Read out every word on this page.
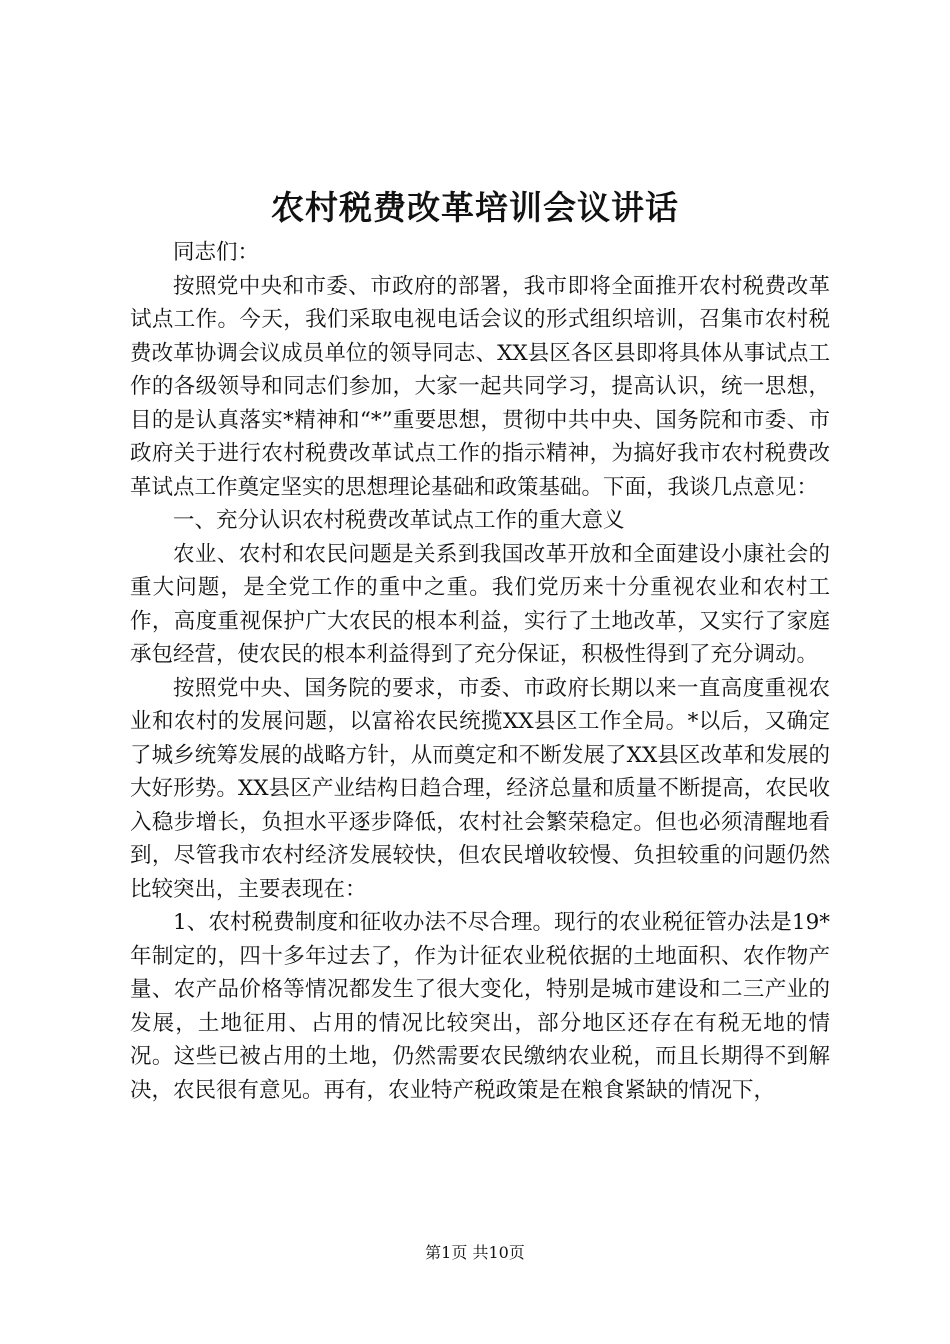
农村税费改革培训会议讲话

同志们：

按照党中央和市委、市政府的部署，我市即将全面推开农村税费改革试点工作。今天，我们采取电视电话会议的形式组织培训，召集市农村税费改革协调会议成员单位的领导同志、XX县区各区县即将具体从事试点工作的各级领导和同志们参加，大家一起共同学习，提高认识，统一思想，目的是认真落实*精神和“*”重要思想，贯彻中共中央、国务院和市委、市政府关于进行农村税费改革试点工作的指示精神，为搞好我市农村税费改革试点工作奠定坚实的思想理论基础和政策基础。下面，我谈几点意见：

一、充分认识农村税费改革试点工作的重大意义

农业、农村和农民问题是关系到我国改革开放和全面建设小康社会的重大问题，是全党工作的重中之重。我们党历来十分重视农业和农村工作，高度重视保护广大农民的根本利益，实行了土地改革，又实行了家庭承包经营，使农民的根本利益得到了充分保证，积极性得到了充分调动。

按照党中央、国务院的要求，市委、市政府长期以来一直高度重视农业和农村的发展问题，以富裕农民统揽XX县区工作全局。*以后，又确定了城乡统筹发展的战略方针，从而奠定和不断发展了XX县区改革和发展的大好形势。XX县区产业结构日趋合理，经济总量和质量不断提高，农民收入稳步增长，负担水平逐步降低，农村社会繁荣稳定。但也必须清醒地看到，尽管我市农村经济发展较快，但农民增收较慢、负担较重的问题仍然比较突出，主要表现在：

1、农村税费制度和征收办法不尽合理。现行的农业税征管办法是19*年制定的，四十多年过去了，作为计征农业税依据的土地面积、农作物产量、农产品价格等情况都发生了很大变化，特别是城市建设和二三产业的发展，土地征用、占用的情况比较突出，部分地区还存在有税无地的情况。这些已被占用的土地，仍然需要农民缴纳农业税，而且长期得不到解决，农民很有意见。再有，农业特产税政策是在粮食紧缺的情况下，

第1页 共10页
